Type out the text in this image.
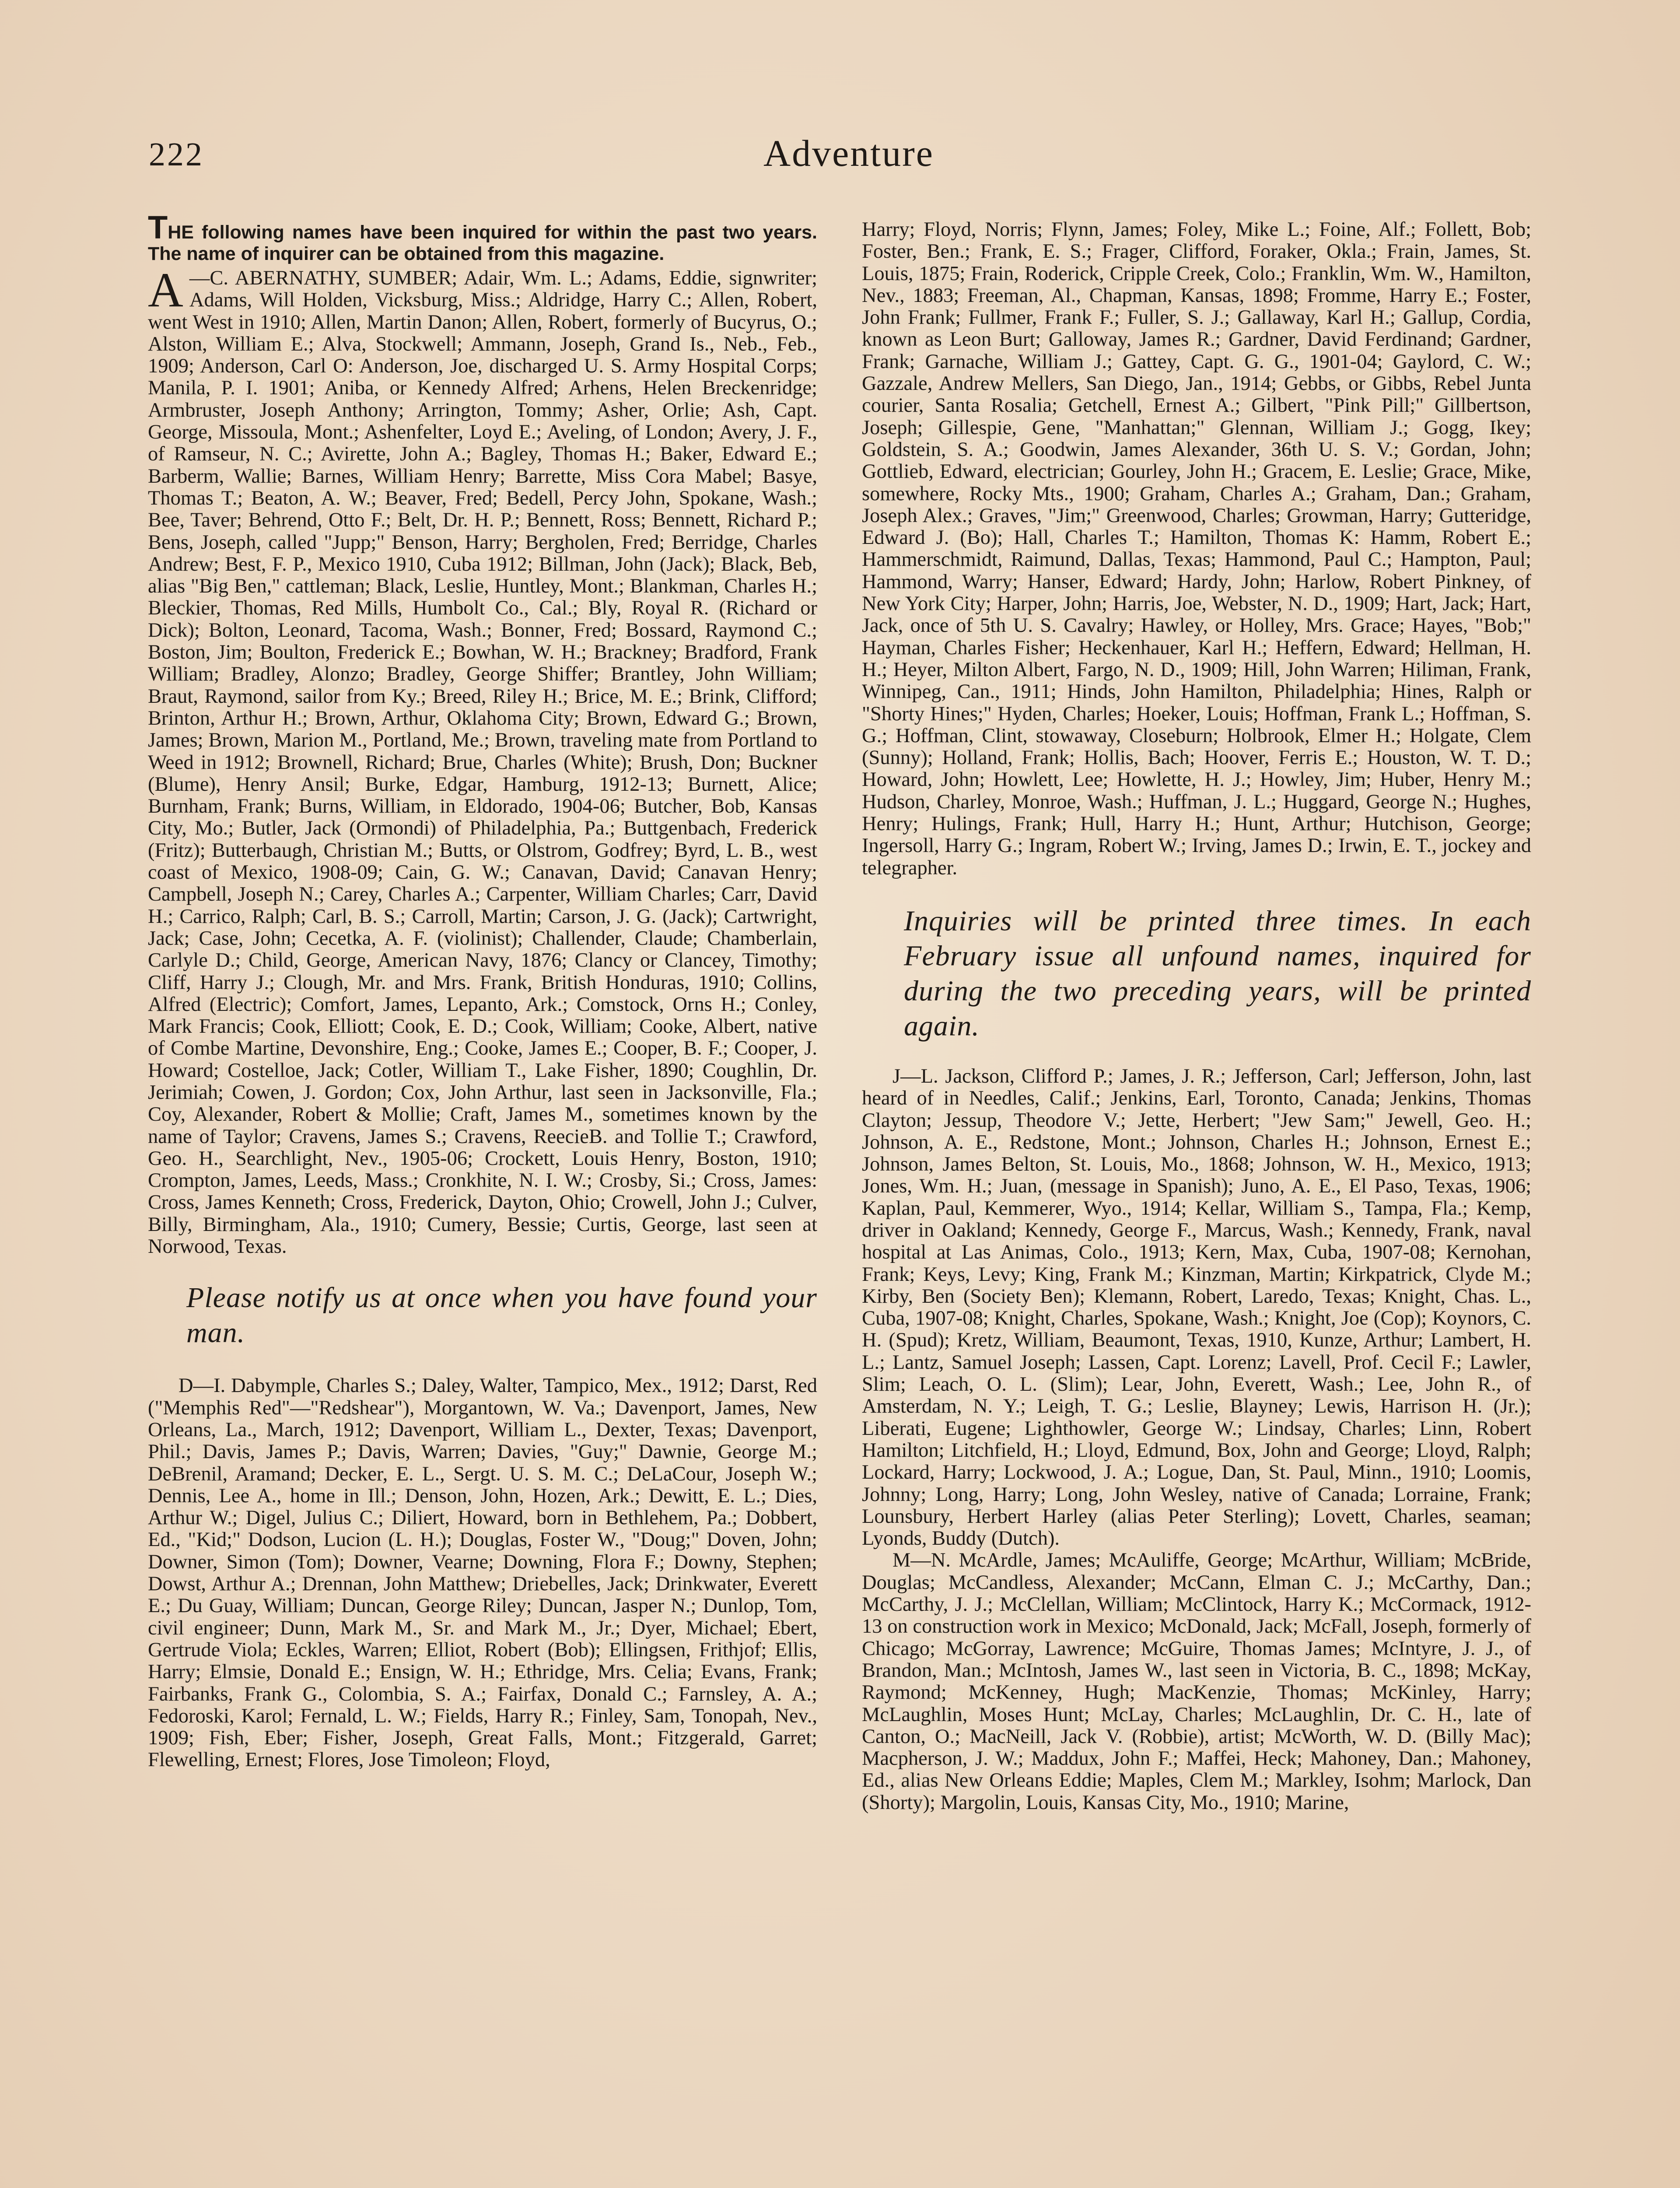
222	Adventure

THE following names have been inquired for within the past two years. The name of inquirer can be obtained from this magazine.

A —C. ABERNATHY, SUMBER; Adair, Wm. L.; Adams, Eddie, signwriter; Adams, Will Holden, Vicksburg, Miss.; Aldridge, Harry C.; Allen, Robert, went West in 1910; Allen, Martin Danon; Allen, Robert, formerly of Bucyrus, O.; Alston, William E.; Alva, Stockwell; Ammann, Joseph, Grand Is., Neb., Feb., 1909; Anderson, Carl O: Anderson, Joe, discharged U. S. Army Hospital Corps; Manila, P. I. 1901; Aniba, or Kennedy Alfred; Arhens, Helen Breckenridge; Armbruster, Joseph Anthony; Arrington, Tommy; Asher, Orlie; Ash, Capt. George, Missoula, Mont.; Ashenfelter, Loyd E.; Aveling, of London; Avery, J. F., of Ramseur, N. C.; Avirette, John A.; Bagley, Thomas H.; Baker, Edward E.; Barberm, Wallie; Barnes, William Henry; Barrette, Miss Cora Mabel; Basye, Thomas T.; Beaton, A. W.; Beaver, Fred; Bedell, Percy John, Spokane, Wash.; Bee, Taver; Behrend, Otto F.; Belt, Dr. H. P.; Bennett, Ross; Bennett, Richard P.; Bens, Joseph, called "Jupp;" Benson, Harry; Bergholen, Fred; Berridge, Charles Andrew; Best, F. P., Mexico 1910, Cuba 1912; Billman, John (Jack); Black, Beb, alias "Big Ben," cattleman; Black, Leslie, Huntley, Mont.; Blankman, Charles H.; Bleckier, Thomas, Red Mills, Humbolt Co., Cal.; Bly, Royal R. (Richard or Dick); Bolton, Leonard, Tacoma, Wash.; Bonner, Fred; Bossard, Raymond C.; Boston, Jim; Boulton, Frederick E.; Bowhan, W. H.; Brackney; Bradford, Frank William; Bradley, Alonzo; Bradley, George Shiffer; Brantley, John William; Braut, Raymond, sailor from Ky.; Breed, Riley H.; Brice, M. E.; Brink, Clifford; Brinton, Arthur H.; Brown, Arthur, Oklahoma City; Brown, Edward G.; Brown, James; Brown, Marion M., Portland, Me.; Brown, traveling mate from Portland to Weed in 1912; Brownell, Richard; Brue, Charles (White); Brush, Don; Buckner (Blume), Henry Ansil; Burke, Edgar, Hamburg, 1912-13; Burnett, Alice; Burnham, Frank; Burns, William, in Eldorado, 1904-06; Butcher, Bob, Kansas City, Mo.; Butler, Jack (Ormondi) of Philadelphia, Pa.; Buttgenbach, Frederick (Fritz); Butterbaugh, Christian M.; Butts, or Olstrom, Godfrey; Byrd, L. B., west coast of Mexico, 1908-09; Cain, G. W.; Canavan, David; Canavan Henry; Campbell, Joseph N.; Carey, Charles A.; Carpenter, William Charles; Carr, David H.; Carrico, Ralph; Carl, B. S.; Carroll, Martin; Carson, J. G. (Jack); Cartwright, Jack; Case, John; Cecetka, A. F. (violinist); Challender, Claude; Chamberlain, Carlyle D.; Child, George, American Navy, 1876; Clancy or Clancey, Timothy; Cliff, Harry J.; Clough, Mr. and Mrs. Frank, British Honduras, 1910; Collins, Alfred (Electric); Comfort, James, Lepanto, Ark.; Comstock, Orns H.; Conley, Mark Francis; Cook, Elliott; Cook, E. D.; Cook, William; Cooke, Albert, native of Combe Martine, Devonshire, Eng.; Cooke, James E.; Cooper, B. F.; Cooper, J. Howard; Costelloe, Jack; Cotler, William T., Lake Fisher, 1890; Coughlin, Dr. Jerimiah; Cowen, J. Gordon; Cox, John Arthur, last seen in Jacksonville, Fla.; Coy, Alexander, Robert & Mollie; Craft, James M., sometimes known by the name of Taylor; Cravens, James S.; Cravens, ReecieB. and Tollie T.; Crawford, Geo. H., Searchlight, Nev., 1905-06; Crockett, Louis Henry, Boston, 1910; Crompton, James, Leeds, Mass.; Cronkhite, N. I. W.; Crosby, Si.; Cross, James: Cross, James Kenneth; Cross, Frederick, Dayton, Ohio; Crowell, John J.; Culver, Billy, Birmingham, Ala., 1910; Cumery, Bessie; Curtis, George, last seen at Norwood, Texas.

Please notify us at once when you have found your man.

D—I. Dabymple, Charles S.; Daley, Walter, Tampico, Mex., 1912; Darst, Red ("Memphis Red"—"Redshear"), Morgantown, W. Va.; Davenport, James, New Orleans, La., March, 1912; Davenport, William L., Dexter, Texas; Davenport, Phil.; Davis, James P.; Davis, Warren; Davies, "Guy;" Dawnie, George M.; DeBrenil, Aramand; Decker, E. L., Sergt. U. S. M. C.; DeLaCour, Joseph W.; Dennis, Lee A., home in Ill.; Denson, John, Hozen, Ark.; Dewitt, E. L.; Dies, Arthur W.; Digel, Julius C.; Diliert, Howard, born in Bethlehem, Pa.; Dobbert, Ed., "Kid;" Dodson, Lucion (L. H.); Douglas, Foster W., "Doug;" Doven, John; Downer, Simon (Tom); Downer, Vearne; Downing, Flora F.; Downy, Stephen; Dowst, Arthur A.; Drennan, John Matthew; Driebelles, Jack; Drinkwater, Everett E.; Du Guay, William; Duncan, George Riley; Duncan, Jasper N.; Dunlop, Tom, civil engineer; Dunn, Mark M., Sr. and Mark M., Jr.; Dyer, Michael; Ebert, Gertrude Viola; Eckles, Warren; Elliot, Robert (Bob); Ellingsen, Frithjof; Ellis, Harry; Elmsie, Donald E.; Ensign, W. H.; Ethridge, Mrs. Celia; Evans, Frank; Fairbanks, Frank G., Colombia, S. A.; Fairfax, Donald C.; Farnsley, A. A.; Fedoroski, Karol; Fernald, L. W.; Fields, Harry R.; Finley, Sam, Tonopah, Nev., 1909; Fish, Eber; Fisher, Joseph, Great Falls, Mont.; Fitzgerald, Garret; Flewelling, Ernest; Flores, Jose Timoleon; Floyd,

Harry; Floyd, Norris; Flynn, James; Foley, Mike L.; Foine, Alf.; Follett, Bob; Foster, Ben.; Frank, E. S.; Frager, Clifford, Foraker, Okla.; Frain, James, St. Louis, 1875; Frain, Roderick, Cripple Creek, Colo.; Franklin, Wm. W., Hamilton, Nev., 1883; Freeman, Al., Chapman, Kansas, 1898; Fromme, Harry E.; Foster, John Frank; Fullmer, Frank F.; Fuller, S. J.; Gallaway, Karl H.; Gallup, Cordia, known as Leon Burt; Galloway, James R.; Gardner, David Ferdinand; Gardner, Frank; Garnache, William J.; Gattey, Capt. G. G., 1901-04; Gaylord, C. W.; Gazzale, Andrew Mellers, San Diego, Jan., 1914; Gebbs, or Gibbs, Rebel Junta courier, Santa Rosalia; Getchell, Ernest A.; Gilbert, "Pink Pill;" Gillbertson, Joseph; Gillespie, Gene, "Manhattan;" Glennan, William J.; Gogg, Ikey; Goldstein, S. A.; Goodwin, James Alexander, 36th U. S. V.; Gordan, John; Gottlieb, Edward, electrician; Gourley, John H.; Gracem, E. Leslie; Grace, Mike, somewhere, Rocky Mts., 1900; Graham, Charles A.; Graham, Dan.; Graham, Joseph Alex.; Graves, "Jim;" Greenwood, Charles; Growman, Harry; Gutteridge, Edward J. (Bo); Hall, Charles T.; Hamilton, Thomas K: Hamm, Robert E.; Hammerschmidt, Raimund, Dallas, Texas; Hammond, Paul C.; Hampton, Paul; Hammond, Warry; Hanser, Edward; Hardy, John; Harlow, Robert Pinkney, of New York City; Harper, John; Harris, Joe, Webster, N. D., 1909; Hart, Jack; Hart, Jack, once of 5th U. S. Cavalry; Hawley, or Holley, Mrs. Grace; Hayes, "Bob;" Hayman, Charles Fisher; Heckenhauer, Karl H.; Heffern, Edward; Hellman, H. H.; Heyer, Milton Albert, Fargo, N. D., 1909; Hill, John Warren; Hiliman, Frank, Winnipeg, Can., 1911; Hinds, John Hamilton, Philadelphia; Hines, Ralph or "Shorty Hines;" Hyden, Charles; Hoeker, Louis; Hoffman, Frank L.; Hoffman, S. G.; Hoffman, Clint, stowaway, Closeburn; Holbrook, Elmer H.; Holgate, Clem (Sunny); Holland, Frank; Hollis, Bach; Hoover, Ferris E.; Houston, W. T. D.; Howard, John; Howlett, Lee; Howlette, H. J.; Howley, Jim; Huber, Henry M.; Hudson, Charley, Monroe, Wash.; Huffman, J. L.; Huggard, George N.; Hughes, Henry; Hulings, Frank; Hull, Harry H.; Hunt, Arthur; Hutchison, George; Ingersoll, Harry G.; Ingram, Robert W.; Irving, James D.; Irwin, E. T., jockey and telegrapher.

Inquiries will be printed three times. In each February issue all unfound names, inquired for during the two preceding years, will be printed again.

J—L. Jackson, Clifford P.; James, J. R.; Jefferson, Carl; Jefferson, John, last heard of in Needles, Calif.; Jenkins, Earl, Toronto, Canada; Jenkins, Thomas Clayton; Jessup, Theodore V.; Jette, Herbert; "Jew Sam;" Jewell, Geo. H.; Johnson, A. E., Redstone, Mont.; Johnson, Charles H.; Johnson, Ernest E.; Johnson, James Belton, St. Louis, Mo., 1868; Johnson, W. H., Mexico, 1913; Jones, Wm. H.; Juan, (message in Spanish); Juno, A. E., El Paso, Texas, 1906; Kaplan, Paul, Kemmerer, Wyo., 1914; Kellar, William S., Tampa, Fla.; Kemp, driver in Oakland; Kennedy, George F., Marcus, Wash.; Kennedy, Frank, naval hospital at Las Animas, Colo., 1913; Kern, Max, Cuba, 1907-08; Kernohan, Frank; Keys, Levy; King, Frank M.; Kinzman, Martin; Kirkpatrick, Clyde M.; Kirby, Ben (Society Ben); Klemann, Robert, Laredo, Texas; Knight, Chas. L., Cuba, 1907-08; Knight, Charles, Spokane, Wash.; Knight, Joe (Cop); Koynors, C. H. (Spud); Kretz, William, Beaumont, Texas, 1910, Kunze, Arthur; Lambert, H. L.; Lantz, Samuel Joseph; Lassen, Capt. Lorenz; Lavell, Prof. Cecil F.; Lawler, Slim; Leach, O. L. (Slim); Lear, John, Everett, Wash.; Lee, John R., of Amsterdam, N. Y.; Leigh, T. G.; Leslie, Blayney; Lewis, Harrison H. (Jr.); Liberati, Eugene; Lighthowler, George W.; Lindsay, Charles; Linn, Robert Hamilton; Litchfield, H.; Lloyd, Edmund, Box, John and George; Lloyd, Ralph; Lockard, Harry; Lockwood, J. A.; Logue, Dan, St. Paul, Minn., 1910; Loomis, Johnny; Long, Harry; Long, John Wesley, native of Canada; Lorraine, Frank; Lounsbury, Herbert Harley (alias Peter Sterling); Lovett, Charles, seaman; Lyonds, Buddy (Dutch).

M—N. McArdle, James; McAuliffe, George; McArthur, William; McBride, Douglas; McCandless, Alexander; McCann, Elman C. J.; McCarthy, Dan.; McCarthy, J. J.; McClellan, William; McClintock, Harry K.; McCormack, 1912-13 on construction work in Mexico; McDonald, Jack; McFall, Joseph, formerly of Chicago; McGorray, Lawrence; McGuire, Thomas James; McIntyre, J. J., of Brandon, Man.; McIntosh, James W., last seen in Victoria, B. C., 1898; McKay, Raymond; McKenney, Hugh; MacKenzie, Thomas; McKinley, Harry; McLaughlin, Moses Hunt; McLay, Charles; McLaughlin, Dr. C. H., late of Canton, O.; MacNeill, Jack V. (Robbie), artist; McWorth, W. D. (Billy Mac); Macpherson, J. W.; Maddux, John F.; Maffei, Heck; Mahoney, Dan.; Mahoney, Ed., alias New Orleans Eddie; Maples, Clem M.; Markley, Isohm; Marlock, Dan (Shorty); Margolin, Louis, Kansas City, Mo., 1910; Marine,
